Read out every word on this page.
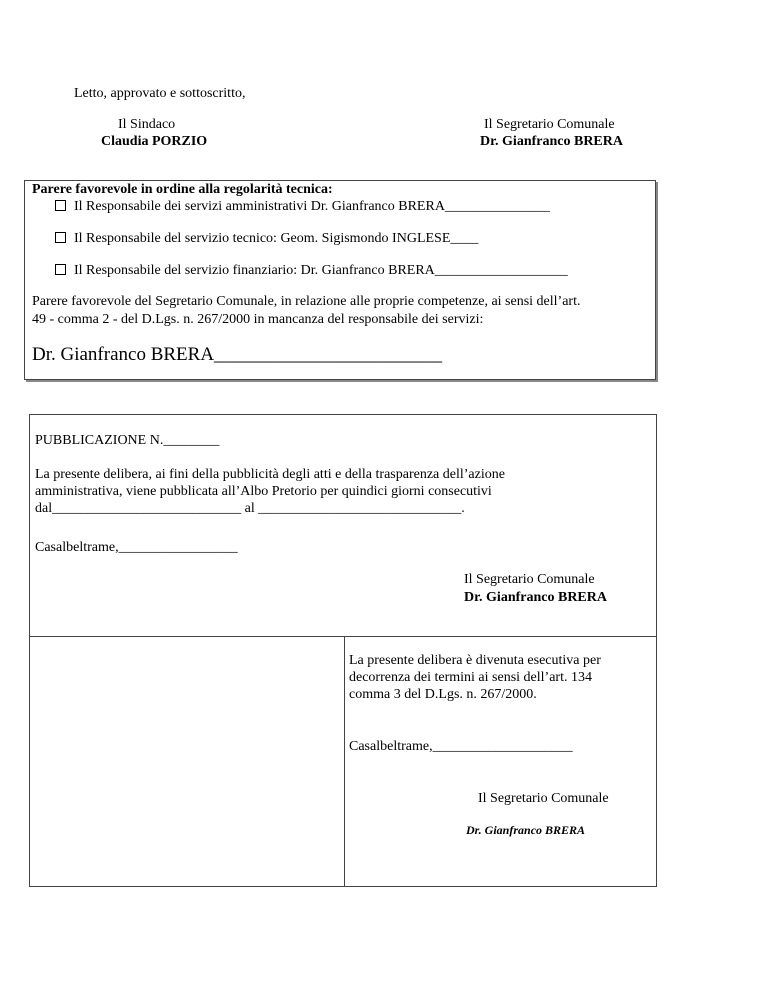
Letto, approvato e sottoscritto,
Il Sindaco
Claudia PORZIO
Il Segretario Comunale
Dr. Gianfranco BRERA
Parere favorevole in ordine alla regolarità tecnica:
Il Responsabile dei servizi amministrativi Dr. Gianfranco BRERA_______________
Il Responsabile del servizio tecnico: Geom. Sigismondo INGLESE____
Il Responsabile del servizio finanziario: Dr. Gianfranco BRERA___________________
Parere favorevole del Segretario Comunale, in relazione alle proprie competenze, ai sensi dell’art.
49 - comma 2 - del D.Lgs. n. 267/2000 in mancanza del responsabile dei servizi:
Dr. Gianfranco BRERA________________________
PUBBLICAZIONE N.________
La presente delibera, ai fini della pubblicità degli atti e della trasparenza dell’azione
amministrativa, viene pubblicata all’Albo Pretorio per quindici giorni consecutivi
dal___________________________ al _____________________________.
Casalbeltrame,_________________
Il Segretario Comunale
Dr. Gianfranco BRERA
La presente delibera è divenuta esecutiva per
decorrenza dei termini ai sensi dell’art. 134
comma 3 del D.Lgs. n. 267/2000.
Casalbeltrame,____________________
Il Segretario Comunale
Dr. Gianfranco BRERA
